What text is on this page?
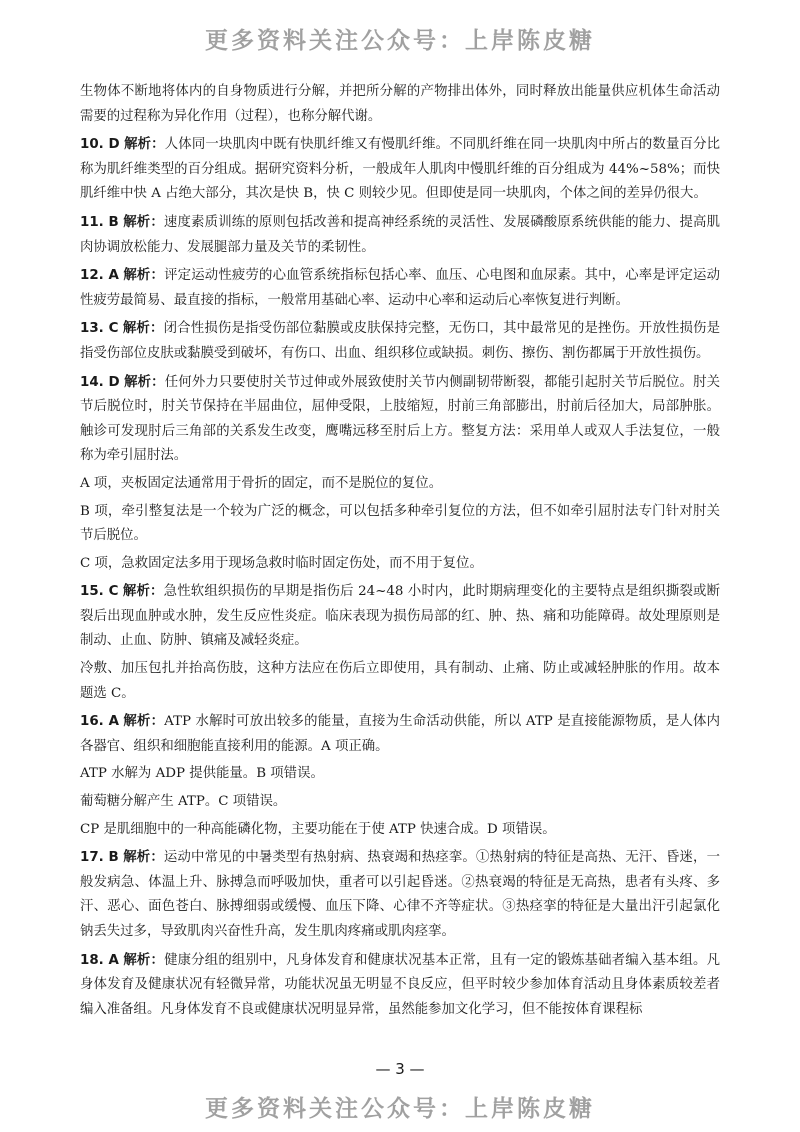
更多资料关注公众号：上岸陈皮糖

生物体不断地将体内的自身物质进行分解，并把所分解的产物排出体外，同时释放出能量供应机体生命活动需要的过程称为异化作用（过程），也称分解代谢。

10. D 解析：人体同一块肌肉中既有快肌纤维又有慢肌纤维。不同肌纤维在同一块肌肉中所占的数量百分比称为肌纤维类型的百分组成。据研究资料分析，一般成年人肌肉中慢肌纤维的百分组成为 44%~58%；而快肌纤维中快 A 占绝大部分，其次是快 B，快 C 则较少见。但即使是同一块肌肉，个体之间的差异仍很大。

11. B 解析：速度素质训练的原则包括改善和提高神经系统的灵活性、发展磷酸原系统供能的能力、提高肌肉协调放松能力、发展腿部力量及关节的柔韧性。

12. A 解析：评定运动性疲劳的心血管系统指标包括心率、血压、心电图和血尿素。其中，心率是评定运动性疲劳最简易、最直接的指标，一般常用基础心率、运动中心率和运动后心率恢复进行判断。

13. C 解析：闭合性损伤是指受伤部位黏膜或皮肤保持完整，无伤口，其中最常见的是挫伤。开放性损伤是指受伤部位皮肤或黏膜受到破坏，有伤口、出血、组织移位或缺损。刺伤、擦伤、割伤都属于开放性损伤。

14. D 解析：任何外力只要使肘关节过伸或外展致使肘关节内侧副韧带断裂，都能引起肘关节后脱位。肘关节后脱位时，肘关节保持在半屈曲位，屈伸受限，上肢缩短，肘前三角部膨出，肘前后径加大，局部肿胀。触诊可发现肘后三角部的关系发生改变，鹰嘴远移至肘后上方。整复方法：采用单人或双人手法复位，一般称为牵引屈肘法。

A 项，夹板固定法通常用于骨折的固定，而不是脱位的复位。

B 项，牵引整复法是一个较为广泛的概念，可以包括多种牵引复位的方法，但不如牵引屈肘法专门针对肘关节后脱位。

C 项，急救固定法多用于现场急救时临时固定伤处，而不用于复位。

15. C 解析：急性软组织损伤的早期是指伤后 24~48 小时内，此时期病理变化的主要特点是组织撕裂或断裂后出现血肿或水肿，发生反应性炎症。临床表现为损伤局部的红、肿、热、痛和功能障碍。故处理原则是制动、止血、防肿、镇痛及减轻炎症。

冷敷、加压包扎并抬高伤肢，这种方法应在伤后立即使用，具有制动、止痛、防止或减轻肿胀的作用。故本题选 C。

16. A 解析：ATP 水解时可放出较多的能量，直接为生命活动供能，所以 ATP 是直接能源物质，是人体内各器官、组织和细胞能直接利用的能源。A 项正确。

ATP 水解为 ADP 提供能量。B 项错误。

葡萄糖分解产生 ATP。C 项错误。

CP 是肌细胞中的一种高能磷化物，主要功能在于使 ATP 快速合成。D 项错误。

17. B 解析：运动中常见的中暑类型有热射病、热衰竭和热痉挛。①热射病的特征是高热、无汗、昏迷，一般发病急、体温上升、脉搏急而呼吸加快，重者可以引起昏迷。②热衰竭的特征是无高热，患者有头疼、多汗、恶心、面色苍白、脉搏细弱或缓慢、血压下降、心律不齐等症状。③热痉挛的特征是大量出汗引起氯化钠丢失过多，导致肌肉兴奋性升高，发生肌肉疼痛或肌肉痉挛。

18. A 解析：健康分组的组别中，凡身体发育和健康状况基本正常，且有一定的锻炼基础者编入基本组。凡身体发育及健康状况有轻微异常，功能状况虽无明显不良反应，但平时较少参加体育活动且身体素质较差者编入准备组。凡身体发育不良或健康状况明显异常，虽然能参加文化学习，但不能按体育课程标

— 3 —
更多资料关注公众号：上岸陈皮糖
